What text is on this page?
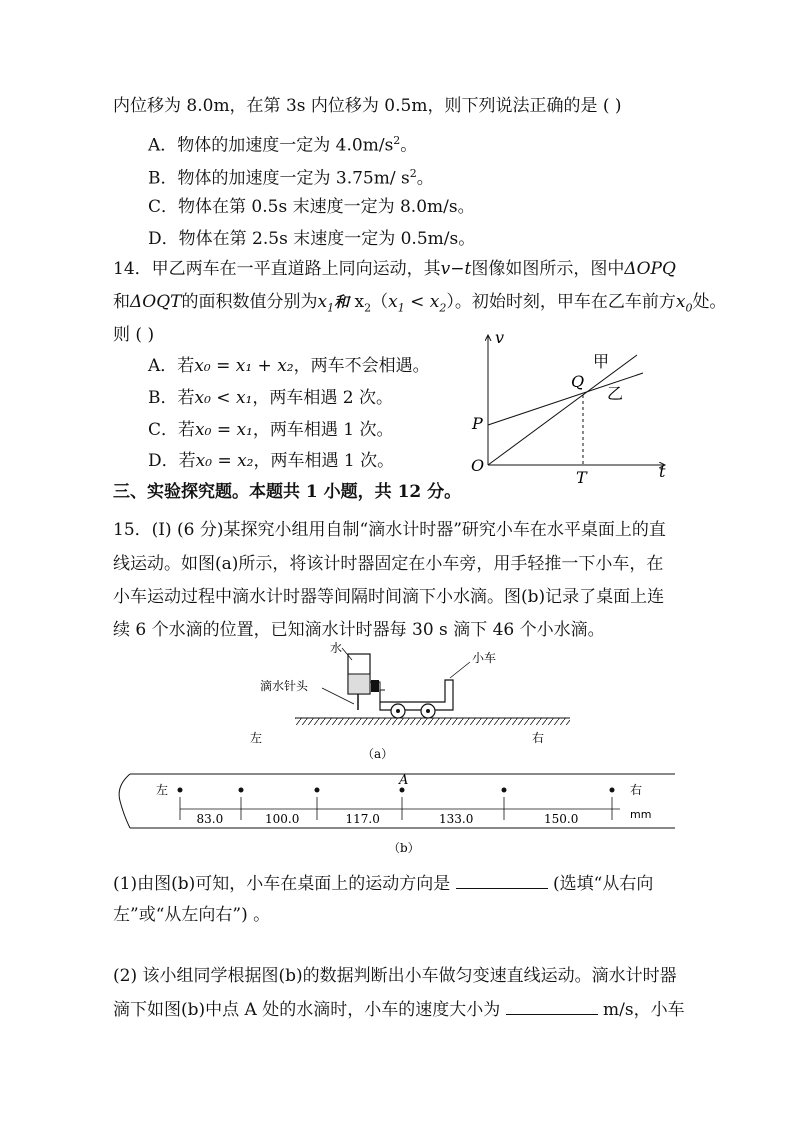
内位移为 8.0m，在第 3s 内位移为 0.5m，则下列说法正确的是 ( )
A．物体的加速度一定为 $4.0m/s^2$。
B．物体的加速度一定为 3.75m/ $s^2$。
C．物体在第 0.5s 末速度一定为 8.0m/s。
D．物体在第 2.5s 末速度一定为 0.5m/s。
14．甲乙两车在一平直道路上同向运动，其v−t图像如图所示，图中ΔOPQ
和ΔOQT的面积数值分别为$x_1$和 $x_2(x_1 < x_2)$。初始时刻，甲车在乙车前方$x_0$处。
则 ( )
A．若x₀ = x₁ + x₂，两车不会相遇。
B．若x₀ < x₁，两车相遇 2 次。
C．若x₀ = x₁，两车相遇 1 次。
D．若x₀ = x₂，两车相遇 1 次。
v
t
O
P
Q
T
甲
乙
三、实验探究题。本题共 1 小题，共 12 分。
15．(I) (6 分)某探究小组用自制“滴水计时器”研究小车在水平桌面上的直
线运动。如图(a)所示，将该计时器固定在小车旁，用手轻推一下小车，在
小车运动过程中滴水计时器等间隔时间滴下小水滴。图(b)记录了桌面上连
续 6 个水滴的位置，已知滴水计时器每 30 s 滴下 46 个小水滴。
水
滴水针头
小车
左	右
（a）
83.0	100.0	117.0	133.0	150.0
左	右
A
mm
（b）
(1)由图(b)可知，小车在桌面上的运动方向是	(选填“从右向
左”或“从左向右”) 。
(2) 该小组同学根据图(b)的数据判断出小车做匀变速直线运动。滴水计时器
滴下如图(b)中点 A 处的水滴时，小车的速度大小为	m/s，小车
